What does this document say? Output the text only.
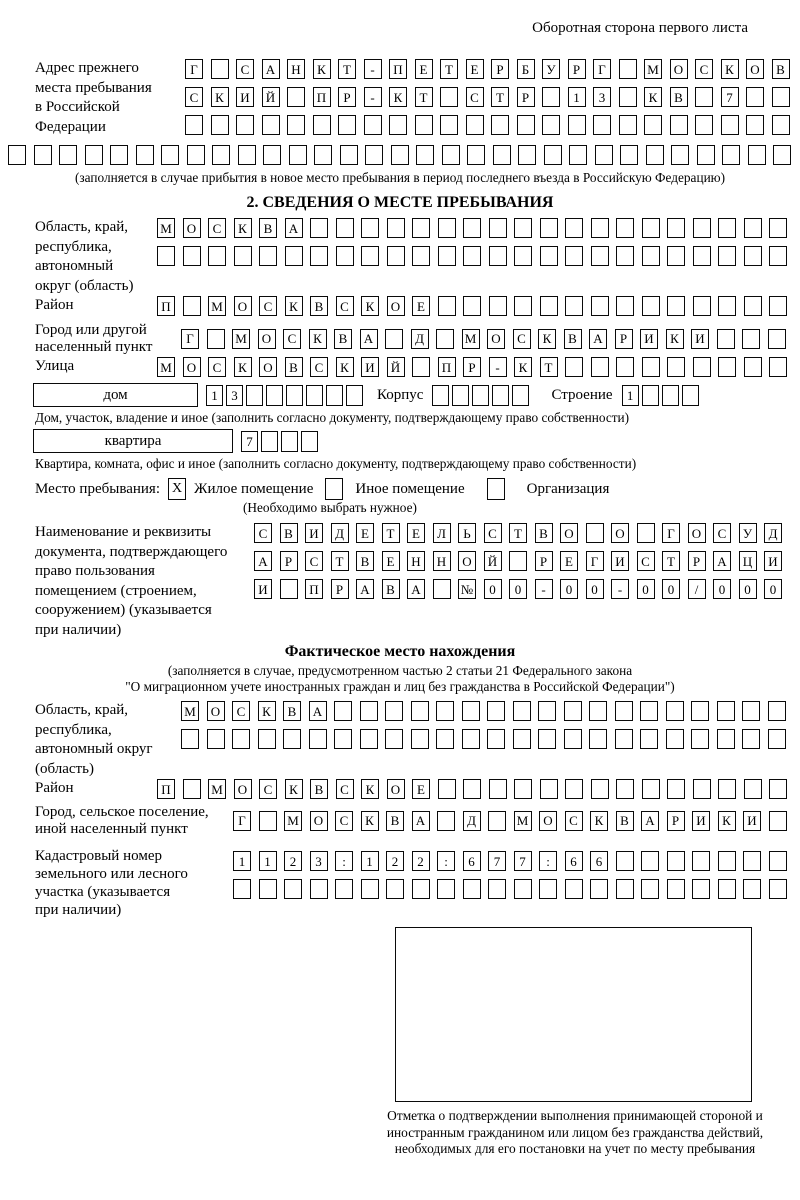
Оборотная сторона первого листа
Адрес прежнего
места пребывания
в Российской
Федерации
Г	С	А	Н	К	Т	-	П	Е	Т	Е	Р	Б	У	Р	Г	М	О	С	К	О	В
С	К	И	Й	П	Р	-	К	Т	С	Т	Р	1	3	К	В	7
(заполняется в случае прибытия в новое место пребывания в период последнего въезда в Российскую Федерацию)
2. СВЕДЕНИЯ О МЕСТЕ ПРЕБЫВАНИЯ
Область, край,
республика,
автономный
округ (область)
М	О	С	К	В	А
Район	П	М	О	С	К	В	С	К	О	Е
Город или другой
населенный пункт	Г	М	О	С	К	В	А	Д	М	О	С	К	В	А	Р	И	К	И
Улица	М	О	С	К	О	В	С	К	И	Й	П	Р	-	К	Т
дом	1	3	Корпус	Строение	1
Дом, участок, владение и иное (заполнить согласно документу, подтверждающему право собственности)
квартира	7
Квартира, комната, офис и иное (заполнить согласно документу, подтверждающему право собственности)
Место пребывания: X Жилое помещение	Иное помещение	Организация
(Необходимо выбрать нужное)
Наименование и реквизиты
документа, подтверждающего
право пользования
помещением (строением,
сооружением) (указывается
при наличии)
С	В	И	Д	Е	Т	Е	Л	Ь	С	Т	В	О	О	Г	О	С	У	Д
А	Р	С	Т	В	Е	Н	Н	О	Й	Р	Е	Г	И	С	Т	Р	А	Ц	И
И	П	Р	А	В	А	№	0	0	-	0	0	-	0	0	/	0	0	0
Фактическое место нахождения
(заполняется в случае, предусмотренном частью 2 статьи 21 Федерального закона
"О миграционном учете иностранных граждан и лиц без гражданства в Российской Федерации")
Область, край,
республика,
автономный округ
(область)
М	О	С	К	В	А
Район	П	М	О	С	К	В	С	К	О	Е
Город, сельское поселение,
иной населенный пункт	Г	М	О	С	К	В	А	Д	М	О	С	К	В	А	Р	И	К	И
Кадастровый номер
земельного или лесного
участка (указывается
при наличии)
1	1	2	3	:	1	2	2	:	6	7	7	:	6	6
Отметка о подтверждении выполнения принимающей стороной и иностранным гражданином или лицом без гражданства действий, необходимых для его постановки на учет по месту пребывания
